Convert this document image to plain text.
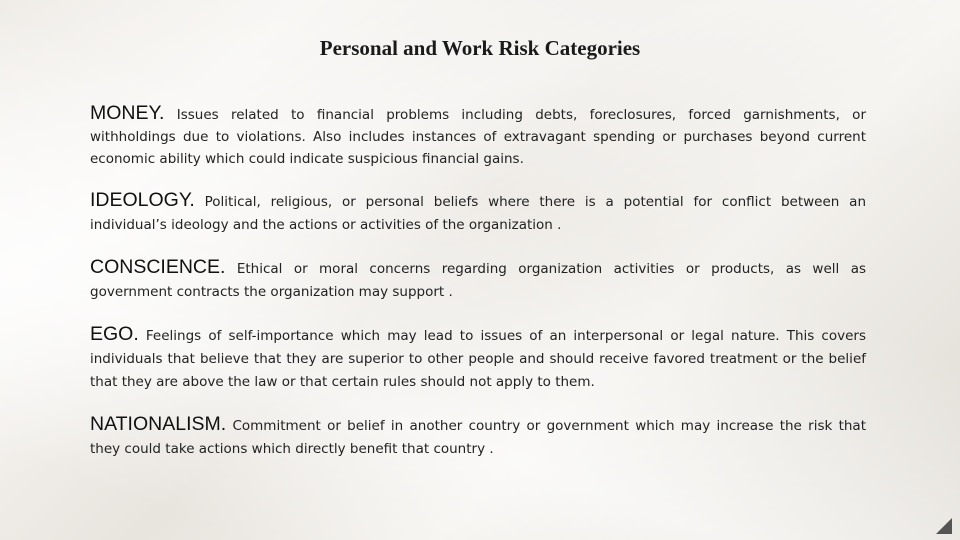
Personal and Work Risk Categories

MONEY. Issues related to financial problems including debts, foreclosures, forced garnishments, or withholdings due to violations. Also includes instances of extravagant spending or purchases beyond current economic ability which could indicate suspicious financial gains.

IDEOLOGY. Political, religious, or personal beliefs where there is a potential for conflict between an individual’s ideology and the actions or activities of the organization .

CONSCIENCE. Ethical or moral concerns regarding organization activities or products, as well as government contracts the organization may support .

EGO. Feelings of self-importance which may lead to issues of an interpersonal or legal nature. This covers individuals that believe that they are superior to other people and should receive favored treatment or the belief that they are above the law or that certain rules should not apply to them.

NATIONALISM. Commitment or belief in another country or government which may increase the risk that they could take actions which directly benefit that country .
